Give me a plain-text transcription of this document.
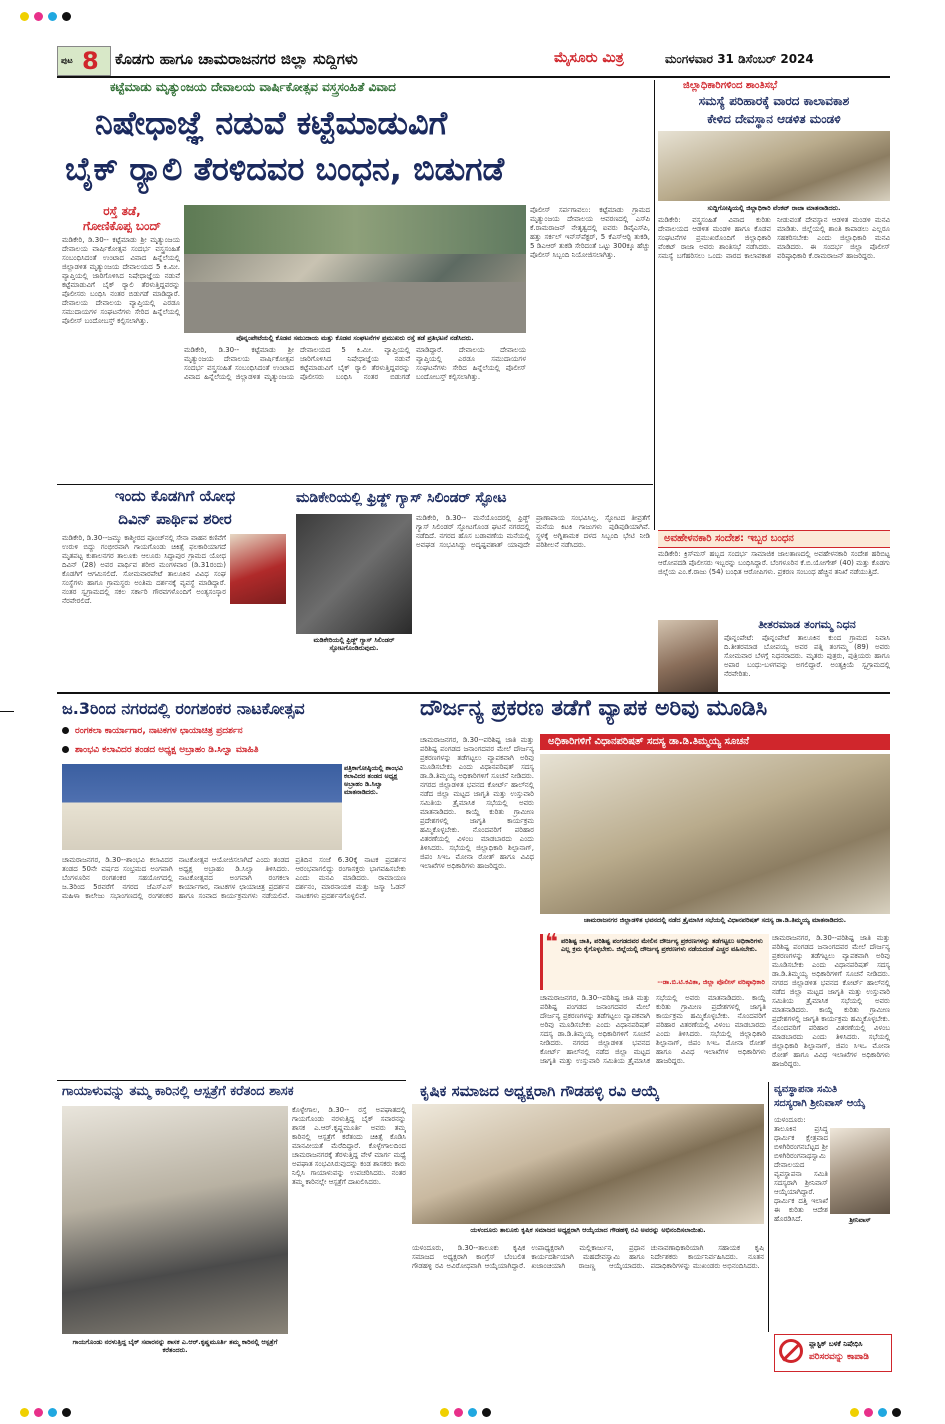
ಪುಟ 8 ಕೊಡಗು ಹಾಗೂ ಚಾಮರಾಜನಗರ ಜಿಲ್ಲಾ ಸುದ್ದಿಗಳು	ಮೈಸೂರು ಮಿತ್ರ	ಮಂಗಳವಾರ 31 ಡಿಸೆಂಬರ್ 2024
ಕಟ್ಟೆಮಾಡು ಮೃತ್ಯುಂಜಯ ದೇವಾಲಯ ವಾರ್ಷಿಕೋತ್ಸವ ವಸ್ತ್ರಸಂಹಿತೆ ವಿವಾದ
ನಿಷೇಧಾಜ್ಞೆ ನಡುವೆ ಕಟ್ಟೆಮಾಡುವಿಗೆ
ಬೈಕ್ ರ್‍ಯಾಲಿ ತೆರಳಿದವರ ಬಂಧನ, ಬಿಡುಗಡೆ
ರಸ್ತೆ ತಡೆ,
ಗೋಣಿಕೊಪ್ಪ ಬಂದ್
ಮಡಿಕೇರಿ, ಡಿ.30-- ಕಟ್ಟೆಮಾಡು ಶ್ರೀ ಮೃತ್ಯುಂಜಯ ದೇವಾಲಯ ವಾರ್ಷಿಕೋತ್ಸವ ಸಂದರ್ಭ ವಸ್ತ್ರಸಂಹಿತೆ ಸಂಬಂಧಿಸಿದಂತೆ ಉಂಟಾದ ವಿವಾದ ಹಿನ್ನೆಲೆಯಲ್ಲಿ ಜಿಲ್ಲಾಡಳಿತ ಮೃತ್ಯುಂಜಯ ದೇವಾಲಯದ 5 ಕಿ.ಮೀ. ವ್ಯಾಪ್ತಿಯಲ್ಲಿ ಜಾರಿಗೊಳಿಸಿದ ನಿಷೇಧಾಜ್ಞೆಯ ನಡುವೆ ಕಟ್ಟೆಮಾಡುವಿಗೆ ಬೈಕ್ ರ್‍ಯಾಲಿ ತೆರಳುತ್ತಿದ್ದವರನ್ನು ಪೊಲೀಸರು ಬಂಧಿಸಿ ನಂತರ ಬಿಡುಗಡೆ ಮಾಡಿದ್ದಾರೆ. ದೇವಾಲಯ ದೇವಾಲಯ ವ್ಯಾಪ್ತಿಯಲ್ಲಿ ಎರಡೂ ಸಮುದಾಯಗಳ ಸಂಘಟನೆಗಳು ಸೇರಿದ ಹಿನ್ನೆಲೆಯಲ್ಲಿ ಪೊಲೀಸ್ ಬಂದೋಬಸ್ತ್ ಕಲ್ಪಿಸಲಾಗಿತ್ತು.
ಪೊನ್ನಂಪೇಟೆಯಲ್ಲಿ ಕೊಡವ ಸಮುದಾಯ ಮತ್ತು ಕೊಡವ ಸಂಘಟನೆಗಳ ಪ್ರಮುಖರು ರಸ್ತೆ ತಡೆ ಪ್ರತಿಭಟನೆ ನಡೆಸಿದರು.
ಪೊಲೀಸ್ ಸರ್ಪಗಾವಲು: ಕಟ್ಟೆಮಾಡು ಗ್ರಾಮದ ಮೃತ್ಯುಂಜಯ ದೇವಾಲಯ ಆವರಣದಲ್ಲಿ ಎಸ್‍ಪಿ ಕೆ.ರಾಮರಾಜನ್ ನೇತೃತ್ವದಲ್ಲಿ ಐವರು ಡಿವೈಎಸ್‍ಪಿ, ಹತ್ತು ಸರ್ಕಲ್ ಇನ್ಸ್‍ಪೆಕ್ಟರ್, 5 ಕೆಎಸ್‍ಆರ್‍ಪಿ ತುಕಡಿ, 5 ಡಿಎಆರ್ ತುಕಡಿ ಸೇರಿದಂತೆ ಒಟ್ಟು 300ಕ್ಕೂ ಹೆಚ್ಚು ಪೊಲೀಸ್ ಸಿಬ್ಬಂದಿ ನಿಯೋಜಿಸಲಾಗಿತ್ತು.
ಮಡಿಕೇರಿ, ಡಿ.30-- ಕಟ್ಟೆಮಾಡು ಶ್ರೀ ಮೃತ್ಯುಂಜಯ ದೇವಾಲಯ ವಾರ್ಷಿಕೋತ್ಸವ ಸಂದರ್ಭ ವಸ್ತ್ರಸಂಹಿತೆ ಸಂಬಂಧಿಸಿದಂತೆ ಉಂಟಾದ ವಿವಾದ ಹಿನ್ನೆಲೆಯಲ್ಲಿ ಜಿಲ್ಲಾಡಳಿತ ಮೃತ್ಯುಂಜಯ ದೇವಾಲಯದ 5 ಕಿ.ಮೀ. ವ್ಯಾಪ್ತಿಯಲ್ಲಿ ಜಾರಿಗೊಳಿಸಿದ ನಿಷೇಧಾಜ್ಞೆಯ ನಡುವೆ ಕಟ್ಟೆಮಾಡುವಿಗೆ ಬೈಕ್ ರ್‍ಯಾಲಿ ತೆರಳುತ್ತಿದ್ದವರನ್ನು ಪೊಲೀಸರು ಬಂಧಿಸಿ ನಂತರ ಬಿಡುಗಡೆ ಮಾಡಿದ್ದಾರೆ. ದೇವಾಲಯ ದೇವಾಲಯ ವ್ಯಾಪ್ತಿಯಲ್ಲಿ ಎರಡೂ ಸಮುದಾಯಗಳ ಸಂಘಟನೆಗಳು ಸೇರಿದ ಹಿನ್ನೆಲೆಯಲ್ಲಿ ಪೊಲೀಸ್ ಬಂದೋಬಸ್ತ್ ಕಲ್ಪಿಸಲಾಗಿತ್ತು.
ಜಿಲ್ಲಾಧಿಕಾರಿಗಳಿಂದ ಶಾಂತಿಸಭೆ
ಸಮಸ್ಯೆ ಪರಿಹಾರಕ್ಕೆ ವಾರದ ಕಾಲಾವಕಾಶ
ಕೇಳಿದ ದೇವಸ್ಥಾನ ಆಡಳಿತ ಮಂಡಳಿ
ಸುದ್ದಿಗೋಷ್ಠಿಯಲ್ಲಿ ಜಿಲ್ಲಾಧಿಕಾರಿ ವೆಂಕಟ್ ರಾಜಾ ಮಾತನಾಡಿದರು.
ಮಡಿಕೇರಿ: ವಸ್ತ್ರಸಂಹಿತೆ ವಿವಾದ ಕುರಿತು ದೇವಾಲಯದ ಆಡಳಿತ ಮಂಡಳಿ ಹಾಗೂ ಕೊಡವ ಸಂಘಟನೆಗಳ ಪ್ರಮುಖರೊಂದಿಗೆ ಜಿಲ್ಲಾಧಿಕಾರಿ ವೆಂಕಟ್ ರಾಜಾ ಅವರು ಶಾಂತಿಸಭೆ ನಡೆಸಿದರು. ಸಮಸ್ಯೆ ಬಗೆಹರಿಸಲು ಒಂದು ವಾರದ ಕಾಲಾವಕಾಶ ನೀಡುವಂತೆ ದೇವಸ್ಥಾನ ಆಡಳಿತ ಮಂಡಳಿ ಮನವಿ ಮಾಡಿತು. ಜಿಲ್ಲೆಯಲ್ಲಿ ಶಾಂತಿ ಕಾಪಾಡಲು ಎಲ್ಲರೂ ಸಹಕರಿಸಬೇಕು ಎಂದು ಜಿಲ್ಲಾಧಿಕಾರಿ ಮನವಿ ಮಾಡಿದರು. ಈ ಸಂದರ್ಭ ಜಿಲ್ಲಾ ಪೊಲೀಸ್ ವರಿಷ್ಠಾಧಿಕಾರಿ ಕೆ.ರಾಮರಾಜನ್ ಹಾಜರಿದ್ದರು.
ಇಂದು ಕೊಡಗಿಗೆ ಯೋಧ
ದಿವಿನ್ ಪಾರ್ಥಿವ ಶರೀರ
ಮಡಿಕೇರಿ, ಡಿ.30--ಜಮ್ಮು ಕಾಶ್ಮೀರದ ಪೂಂಚ್‍ನಲ್ಲಿ ಸೇನಾ ವಾಹನ ಕಣಿವೆಗೆ ಉರುಳಿ ಬಿದ್ದು ಗಂಭೀರವಾಗಿ ಗಾಯಗೊಂಡು ಚಿಕಿತ್ಸೆ ಫಲಕಾರಿಯಾಗದೆ ಮೃತಪಟ್ಟ ಕುಶಾಲನಗರ ತಾಲೂಕು ಆಲೂರು ಸಿದ್ದಾಪುರ ಗ್ರಾಮದ ಯೋಧ ದಿವಿನ್ (28) ಅವರ ಪಾರ್ಥಿವ ಶರೀರ ಮಂಗಳವಾರ (ಡಿ.31ರಂದು) ಕೊಡಗಿಗೆ ಆಗಮಿಸಲಿದೆ. ಸೋಮವಾರಪೇಟೆ ತಾಲೂಕಿನ ವಿವಿಧ ಸಂಘ ಸಂಸ್ಥೆಗಳು ಹಾಗೂ ಗ್ರಾಮಸ್ಥರು ಅಂತಿಮ ದರ್ಶನಕ್ಕೆ ವ್ಯವಸ್ಥೆ ಮಾಡಿದ್ದಾರೆ. ನಂತರ ಸ್ವಗ್ರಾಮದಲ್ಲಿ ಸಕಲ ಸರ್ಕಾರಿ ಗೌರವಗಳೊಂದಿಗೆ ಅಂತ್ಯಸಂಸ್ಕಾರ ನೆರವೇರಲಿದೆ.
ಮಡಿಕೇರಿಯಲ್ಲಿ ಫ್ರಿಡ್ಜ್ ಗ್ಯಾಸ್ ಸಿಲಿಂಡರ್ ಸ್ಫೋಟ
ಮಡಿಕೇರಿಯಲ್ಲಿ ಫ್ರಿಡ್ಜ್ ಗ್ಯಾಸ್ ಸಿಲಿಂಡರ್ ಸ್ಫೋಟಗೊಂಡಿರುವುದು.
ಮಡಿಕೇರಿ, ಡಿ.30-- ಮನೆಯೊಂದರಲ್ಲಿ ಫ್ರಿಡ್ಜ್ ಗ್ಯಾಸ್ ಸಿಲಿಂಡರ್ ಸ್ಫೋಟಗೊಂಡ ಘಟನೆ ನಗರದಲ್ಲಿ ನಡೆದಿದೆ. ನಗರದ ಹೊಸ ಬಡಾವಣೆಯ ಮನೆಯಲ್ಲಿ ಅವಘಡ ಸಂಭವಿಸಿದ್ದು ಅದೃಷ್ಟವಶಾತ್ ಯಾವುದೇ ಪ್ರಾಣಾಪಾಯ ಸಂಭವಿಸಿಲ್ಲ. ಸ್ಫೋಟದ ತೀವ್ರತೆಗೆ ಮನೆಯ ಕಿಟಕಿ ಗಾಜುಗಳು ಪುಡಿಪುಡಿಯಾಗಿವೆ. ಸ್ಥಳಕ್ಕೆ ಅಗ್ನಿಶಾಮಕ ದಳದ ಸಿಬ್ಬಂದಿ ಭೇಟಿ ನೀಡಿ ಪರಿಶೀಲನೆ ನಡೆಸಿದರು.
ಅವಹೇಳನಕಾರಿ ಸಂದೇಶ: ಇಬ್ಬರ ಬಂಧನ
ಮಡಿಕೇರಿ: ಕ್ರಿಸ್‍ಮಸ್ ಹಬ್ಬದ ಸಂದರ್ಭ ಸಾಮಾಜಿಕ ಜಾಲತಾಣದಲ್ಲಿ ಅವಹೇಳನಕಾರಿ ಸಂದೇಶ ಹರಿಬಿಟ್ಟ ಆರೋಪದಡಿ ಪೊಲೀಸರು ಇಬ್ಬರನ್ನು ಬಂಧಿಸಿದ್ದಾರೆ. ಬೆಂಗಳೂರಿನ ಕೆ.ಬಿ.ಯೋಗೇಶ್ (40) ಮತ್ತು ಕೊಡಗು ಜಿಲ್ಲೆಯ ಎಂ.ಕೆ.ರಾಜು (54) ಬಂಧಿತ ಆರೋಪಿಗಳು. ಪ್ರಕರಣ ಸಂಬಂಧ ಹೆಚ್ಚಿನ ತನಿಖೆ ನಡೆಯುತ್ತಿದೆ.
ತೀತರಮಾಡ ತಂಗಮ್ಮ ನಿಧನ
ಪೊನ್ನಂಪೇಟೆ: ಪೊನ್ನಂಪೇಟೆ ತಾಲೂಕಿನ ಕುಂದ ಗ್ರಾಮದ ನಿವಾಸಿ ದಿ.ತೀತರಮಾಡ ಬೋಪಯ್ಯ ಅವರ ಪತ್ನಿ ತಂಗಮ್ಮ (89) ಅವರು ಸೋಮವಾರ ಬೆಳಗ್ಗೆ ನಿಧನರಾದರು. ಮೃತರು ಪುತ್ರರು, ಪುತ್ರಿಯರು ಹಾಗೂ ಅಪಾರ ಬಂಧು-ಬಳಗವನ್ನು ಅಗಲಿದ್ದಾರೆ. ಅಂತ್ಯಕ್ರಿಯೆ ಸ್ವಗ್ರಾಮದಲ್ಲಿ ನೆರವೇರಿತು.
ಜ.3ರಿಂದ ನಗರದಲ್ಲಿ ರಂಗಶಂಕರ ನಾಟಕೋತ್ಸವ
ರಂಗಕಲಾ ಕಾರ್ಯಾಗಾರ, ನಾಟಕಗಳ ಛಾಯಾಚಿತ್ರ ಪ್ರದರ್ಶನ
ಶಾಂಭವಿ ಕಲಾವಿದರ ತಂಡದ ಅಧ್ಯಕ್ಷ ಅಬ್ರಾಹಂ ಡಿ.ಸಿಲ್ವಾ ಮಾಹಿತಿ
ಪತ್ರಿಕಾಗೋಷ್ಠಿಯಲ್ಲಿ ಶಾಂಭವಿ ಕಲಾವಿದರ ತಂಡದ ಅಧ್ಯಕ್ಷ ಅಬ್ರಾಹಂ ಡಿ.ಸಿಲ್ವಾ ಮಾತನಾಡಿದರು.
ಚಾಮರಾಜನಗರ, ಡಿ.30--ಶಾಂಭವಿ ಕಲಾವಿದರ ತಂಡದ 50ನೇ ವರ್ಷದ ಸಂಭ್ರಮದ ಅಂಗವಾಗಿ ಬೆಂಗಳೂರಿನ ರಂಗಶಂಕರ ಸಹಯೋಗದಲ್ಲಿ ಜ.3ರಿಂದ 5ರವರೆಗೆ ನಗರದ ಜೆಎಸ್‍ಎಸ್ ಮಹಿಳಾ ಕಾಲೇಜು ಸಭಾಂಗಣದಲ್ಲಿ ರಂಗಶಂಕರ ನಾಟಕೋತ್ಸವ ಆಯೋಜಿಸಲಾಗಿದೆ ಎಂದು ತಂಡದ ಅಧ್ಯಕ್ಷ ಅಬ್ರಾಹಂ ಡಿ.ಸಿಲ್ವಾ ತಿಳಿಸಿದರು. ನಾಟಕೋತ್ಸವದ ಅಂಗವಾಗಿ ರಂಗಕಲಾ ಕಾರ್ಯಾಗಾರ, ನಾಟಕಗಳ ಛಾಯಾಚಿತ್ರ ಪ್ರದರ್ಶನ ಹಾಗೂ ಸಂವಾದ ಕಾರ್ಯಕ್ರಮಗಳು ನಡೆಯಲಿವೆ. ಪ್ರತಿದಿನ ಸಂಜೆ 6.30ಕ್ಕೆ ನಾಟಕ ಪ್ರದರ್ಶನ ಆರಂಭವಾಗಲಿದ್ದು ರಂಗಾಸಕ್ತರು ಭಾಗವಹಿಸಬೇಕು ಎಂದು ಮನವಿ ಮಾಡಿದರು. ರಾಮಾಯಣ ದರ್ಶನಂ, ಮಾರನಾಯಕ ಮತ್ತು ಜಸ್ಮಾ ಓಡನ್ ನಾಟಕಗಳು ಪ್ರದರ್ಶನಗೊಳ್ಳಲಿವೆ.
ದೌರ್ಜನ್ಯ ಪ್ರಕರಣ ತಡೆಗೆ ವ್ಯಾಪಕ ಅರಿವು ಮೂಡಿಸಿ
ಅಧಿಕಾರಿಗಳಿಗೆ ವಿಧಾನಪರಿಷತ್ ಸದಸ್ಯ ಡಾ.ಡಿ.ತಿಮ್ಮಯ್ಯ ಸೂಚನೆ
ಚಾಮರಾಜನಗರ, ಡಿ.30--ಪರಿಶಿಷ್ಟ ಜಾತಿ ಮತ್ತು ಪರಿಶಿಷ್ಟ ಪಂಗಡದ ಜನಾಂಗದವರ ಮೇಲೆ ದೌರ್ಜನ್ಯ ಪ್ರಕರಣಗಳನ್ನು ತಡೆಗಟ್ಟಲು ವ್ಯಾಪಕವಾಗಿ ಅರಿವು ಮೂಡಿಸಬೇಕು ಎಂದು ವಿಧಾನಪರಿಷತ್ ಸದಸ್ಯ ಡಾ.ಡಿ.ತಿಮ್ಮಯ್ಯ ಅಧಿಕಾರಿಗಳಿಗೆ ಸೂಚನೆ ನೀಡಿದರು. ನಗರದ ಜಿಲ್ಲಾಡಳಿತ ಭವನದ ಕೋರ್ಟ್ ಹಾಲ್‍ನಲ್ಲಿ ನಡೆದ ಜಿಲ್ಲಾ ಮಟ್ಟದ ಜಾಗೃತಿ ಮತ್ತು ಉಸ್ತುವಾರಿ ಸಮಿತಿಯ ತ್ರೈಮಾಸಿಕ ಸಭೆಯಲ್ಲಿ ಅವರು ಮಾತನಾಡಿದರು. ಕಾಯ್ದೆ ಕುರಿತು ಗ್ರಾಮೀಣ ಪ್ರದೇಶಗಳಲ್ಲಿ ಜಾಗೃತಿ ಕಾರ್ಯಕ್ರಮ ಹಮ್ಮಿಕೊಳ್ಳಬೇಕು. ನೊಂದವರಿಗೆ ಪರಿಹಾರ ವಿತರಣೆಯಲ್ಲಿ ವಿಳಂಬ ಮಾಡಬಾರದು ಎಂದು ತಿಳಿಸಿದರು. ಸಭೆಯಲ್ಲಿ ಜಿಲ್ಲಾಧಿಕಾರಿ ಶಿಲ್ಪಾನಾಗ್, ಜಿಪಂ ಸಿಇಒ ಮೋನಾ ರೋತ್ ಹಾಗೂ ವಿವಿಧ ಇಲಾಖೆಗಳ ಅಧಿಕಾರಿಗಳು ಹಾಜರಿದ್ದರು.
ಚಾಮರಾಜನಗರ ಜಿಲ್ಲಾಡಳಿತ ಭವನದಲ್ಲಿ ನಡೆದ ತ್ರೈಮಾಸಿಕ ಸಭೆಯಲ್ಲಿ ವಿಧಾನಪರಿಷತ್ ಸದಸ್ಯ ಡಾ.ಡಿ.ತಿಮ್ಮಯ್ಯ ಮಾತನಾಡಿದರು.
❝ ಪರಿಶಿಷ್ಟ ಜಾತಿ, ಪರಿಶಿಷ್ಟ ಪಂಗಡದವರ ಮೇಲಿನ ದೌರ್ಜನ್ಯ ಪ್ರಕರಣಗಳನ್ನು ತಡೆಗಟ್ಟಲು ಅಧಿಕಾರಿಗಳು ಎಲ್ಲ ಕ್ರಮ ಕೈಗೊಳ್ಳಬೇಕು. ಜಿಲ್ಲೆಯಲ್ಲಿ ದೌರ್ಜನ್ಯ ಪ್ರಕರಣಗಳು ನಡೆಯದಂತೆ ಎಚ್ಚರ ವಹಿಸಬೇಕು.
--ಡಾ.ಬಿ.ಟಿ.ಕವಿತಾ, ಜಿಲ್ಲಾ ಪೊಲೀಸ್ ವರಿಷ್ಠಾಧಿಕಾರಿ
ಚಾಮರಾಜನಗರ, ಡಿ.30--ಪರಿಶಿಷ್ಟ ಜಾತಿ ಮತ್ತು ಪರಿಶಿಷ್ಟ ಪಂಗಡದ ಜನಾಂಗದವರ ಮೇಲೆ ದೌರ್ಜನ್ಯ ಪ್ರಕರಣಗಳನ್ನು ತಡೆಗಟ್ಟಲು ವ್ಯಾಪಕವಾಗಿ ಅರಿವು ಮೂಡಿಸಬೇಕು ಎಂದು ವಿಧಾನಪರಿಷತ್ ಸದಸ್ಯ ಡಾ.ಡಿ.ತಿಮ್ಮಯ್ಯ ಅಧಿಕಾರಿಗಳಿಗೆ ಸೂಚನೆ ನೀಡಿದರು. ನಗರದ ಜಿಲ್ಲಾಡಳಿತ ಭವನದ ಕೋರ್ಟ್ ಹಾಲ್‍ನಲ್ಲಿ ನಡೆದ ಜಿಲ್ಲಾ ಮಟ್ಟದ ಜಾಗೃತಿ ಮತ್ತು ಉಸ್ತುವಾರಿ ಸಮಿತಿಯ ತ್ರೈಮಾಸಿಕ ಸಭೆಯಲ್ಲಿ ಅವರು ಮಾತನಾಡಿದರು. ಕಾಯ್ದೆ ಕುರಿತು ಗ್ರಾಮೀಣ ಪ್ರದೇಶಗಳಲ್ಲಿ ಜಾಗೃತಿ ಕಾರ್ಯಕ್ರಮ ಹಮ್ಮಿಕೊಳ್ಳಬೇಕು. ನೊಂದವರಿಗೆ ಪರಿಹಾರ ವಿತರಣೆಯಲ್ಲಿ ವಿಳಂಬ ಮಾಡಬಾರದು ಎಂದು ತಿಳಿಸಿದರು. ಸಭೆಯಲ್ಲಿ ಜಿಲ್ಲಾಧಿಕಾರಿ ಶಿಲ್ಪಾನಾಗ್, ಜಿಪಂ ಸಿಇಒ ಮೋನಾ ರೋತ್ ಹಾಗೂ ವಿವಿಧ ಇಲಾಖೆಗಳ ಅಧಿಕಾರಿಗಳು ಹಾಜರಿದ್ದರು.
ಚಾಮರಾಜನಗರ, ಡಿ.30--ಪರಿಶಿಷ್ಟ ಜಾತಿ ಮತ್ತು ಪರಿಶಿಷ್ಟ ಪಂಗಡದ ಜನಾಂಗದವರ ಮೇಲೆ ದೌರ್ಜನ್ಯ ಪ್ರಕರಣಗಳನ್ನು ತಡೆಗಟ್ಟಲು ವ್ಯಾಪಕವಾಗಿ ಅರಿವು ಮೂಡಿಸಬೇಕು ಎಂದು ವಿಧಾನಪರಿಷತ್ ಸದಸ್ಯ ಡಾ.ಡಿ.ತಿಮ್ಮಯ್ಯ ಅಧಿಕಾರಿಗಳಿಗೆ ಸೂಚನೆ ನೀಡಿದರು. ನಗರದ ಜಿಲ್ಲಾಡಳಿತ ಭವನದ ಕೋರ್ಟ್ ಹಾಲ್‍ನಲ್ಲಿ ನಡೆದ ಜಿಲ್ಲಾ ಮಟ್ಟದ ಜಾಗೃತಿ ಮತ್ತು ಉಸ್ತುವಾರಿ ಸಮಿತಿಯ ತ್ರೈಮಾಸಿಕ ಸಭೆಯಲ್ಲಿ ಅವರು ಮಾತನಾಡಿದರು. ಕಾಯ್ದೆ ಕುರಿತು ಗ್ರಾಮೀಣ ಪ್ರದೇಶಗಳಲ್ಲಿ ಜಾಗೃತಿ ಕಾರ್ಯಕ್ರಮ ಹಮ್ಮಿಕೊಳ್ಳಬೇಕು. ನೊಂದವರಿಗೆ ಪರಿಹಾರ ವಿತರಣೆಯಲ್ಲಿ ವಿಳಂಬ ಮಾಡಬಾರದು ಎಂದು ತಿಳಿಸಿದರು. ಸಭೆಯಲ್ಲಿ ಜಿಲ್ಲಾಧಿಕಾರಿ ಶಿಲ್ಪಾನಾಗ್, ಜಿಪಂ ಸಿಇಒ ಮೋನಾ ರೋತ್ ಹಾಗೂ ವಿವಿಧ ಇಲಾಖೆಗಳ ಅಧಿಕಾರಿಗಳು ಹಾಜರಿದ್ದರು.
ಗಾಯಾಳುವನ್ನು ತಮ್ಮ ಕಾರಿನಲ್ಲಿ ಆಸ್ಪತ್ರೆಗೆ ಕರೆತಂದ ಶಾಸಕ
ಗಾಯಗೊಂಡು ನರಳುತ್ತಿದ್ದ ಬೈಕ್ ಸವಾರನನ್ನು ಶಾಸಕ ಎ.ಆರ್.ಕೃಷ್ಣಮೂರ್ತಿ ತಮ್ಮ ಕಾರಿನಲ್ಲಿ ಆಸ್ಪತ್ರೆಗೆ ಕರೆತಂದರು.
ಕೊಳ್ಳೇಗಾಲ, ಡಿ.30-- ರಸ್ತೆ ಅಪಘಾತದಲ್ಲಿ ಗಾಯಗೊಂಡು ನರಳುತ್ತಿದ್ದ ಬೈಕ್ ಸವಾರನನ್ನು ಶಾಸಕ ಎ.ಆರ್.ಕೃಷ್ಣಮೂರ್ತಿ ಅವರು ತಮ್ಮ ಕಾರಿನಲ್ಲಿ ಆಸ್ಪತ್ರೆಗೆ ಕರೆತಂದು ಚಿಕಿತ್ಸೆ ಕೊಡಿಸಿ ಮಾನವೀಯತೆ ಮೆರೆದಿದ್ದಾರೆ. ಕೊಳ್ಳೇಗಾಲದಿಂದ ಚಾಮರಾಜನಗರಕ್ಕೆ ತೆರಳುತ್ತಿದ್ದ ವೇಳೆ ಮಾರ್ಗ ಮಧ್ಯೆ ಅಪಘಾತ ಸಂಭವಿಸಿರುವುದನ್ನು ಕಂಡ ಶಾಸಕರು ಕಾರು ನಿಲ್ಲಿಸಿ ಗಾಯಾಳುವನ್ನು ಉಪಚರಿಸಿದರು. ನಂತರ ತಮ್ಮ ಕಾರಿನಲ್ಲೇ ಆಸ್ಪತ್ರೆಗೆ ದಾಖಲಿಸಿದರು.
ಕೃಷಿಕ ಸಮಾಜದ ಅಧ್ಯಕ್ಷರಾಗಿ ಗೌಡಹಳ್ಳಿ ರವಿ ಆಯ್ಕೆ
ಯಳಂದೂರು ತಾಲೂಕು ಕೃಷಿಕ ಸಮಾಜದ ಅಧ್ಯಕ್ಷರಾಗಿ ಆಯ್ಕೆಯಾದ ಗೌಡಹಳ್ಳಿ ರವಿ ಅವರನ್ನು ಅಭಿನಂದಿಸಲಾಯಿತು.
ಯಳಂದೂರು, ಡಿ.30--ತಾಲೂಕು ಕೃಷಿಕ ಸಮಾಜದ ಅಧ್ಯಕ್ಷರಾಗಿ ಕಾಂಗ್ರೆಸ್ ಬೆಂಬಲಿತ ಗೌಡಹಳ್ಳಿ ರವಿ ಅವಿರೋಧವಾಗಿ ಆಯ್ಕೆಯಾಗಿದ್ದಾರೆ. ಉಪಾಧ್ಯಕ್ಷರಾಗಿ ಮಲ್ಲಿಕಾರ್ಜುನ, ಪ್ರಧಾನ ಕಾರ್ಯದರ್ಶಿಯಾಗಿ ಮಹದೇವಸ್ವಾಮಿ ಹಾಗೂ ಖಜಾಂಚಿಯಾಗಿ ರಾಜಣ್ಣ ಆಯ್ಕೆಯಾದರು. ಚುನಾವಣಾಧಿಕಾರಿಯಾಗಿ ಸಹಾಯಕ ಕೃಷಿ ನಿರ್ದೇಶಕರು ಕಾರ್ಯನಿರ್ವಹಿಸಿದರು. ನೂತನ ಪದಾಧಿಕಾರಿಗಳನ್ನು ಮುಖಂಡರು ಅಭಿನಂದಿಸಿದರು.
ವ್ಯವಸ್ಥಾಪನಾ ಸಮಿತಿ
ಸದಸ್ಯರಾಗಿ ಶ್ರೀನಿವಾಸ್ ಆಯ್ಕೆ
ಶ್ರೀನಿವಾಸ್
ಯಳಂದೂರು: ತಾಲೂಕಿನ ಪ್ರಸಿದ್ಧ ಧಾರ್ಮಿಕ ಕ್ಷೇತ್ರವಾದ ಬಿಳಿಗಿರಿರಂಗನಬೆಟ್ಟದ ಶ್ರೀ ಬಿಳಿಗಿರಿರಂಗನಾಥಸ್ವಾಮಿ ದೇವಾಲಯದ ವ್ಯವಸ್ಥಾಪನಾ ಸಮಿತಿ ಸದಸ್ಯರಾಗಿ ಶ್ರೀನಿವಾಸ್ ಆಯ್ಕೆಯಾಗಿದ್ದಾರೆ. ಧಾರ್ಮಿಕ ದತ್ತಿ ಇಲಾಖೆ ಈ ಕುರಿತು ಆದೇಶ ಹೊರಡಿಸಿದೆ.
ಪ್ಲಾಸ್ಟಿಕ್ ಬಳಕೆ ನಿಷೇಧಿಸಿ
ಪರಿಸರವನ್ನು ಕಾಪಾಡಿ
